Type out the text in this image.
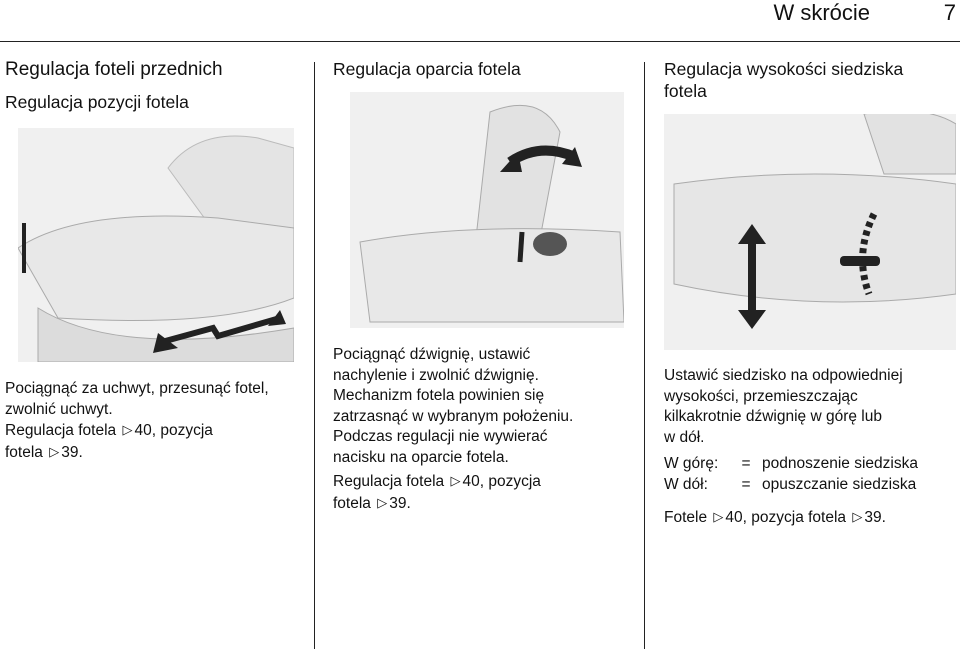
W skrócie	7

Regulacja foteli przednich

Regulacja pozycji fotela

Pociągnąć za uchwyt, przesunąć fotel, zwolnić uchwyt.

Regulacja fotela ▷ 40, pozycja
fotela ▷ 39.

Regulacja oparcia fotela

Pociągnąć dźwignię, ustawić

nachylenie i zwolnić dźwignię.

Mechanizm fotela powinien się

zatrzasnąć w wybranym położeniu.

Podczas regulacji nie wywierać

nacisku na oparcie fotela.

Regulacja fotela ▷ 40, pozycja
fotela ▷ 39.

Regulacja wysokości siedziska

fotela

Ustawić siedzisko na odpowiedniej

wysokości, przemieszczając

kilkakrotnie dźwignię w górę lub

w dół.

W górę:	=	podnoszenie siedziska
W dół:	=	opuszczanie siedziska

Fotele ▷ 40, pozycja fotela ▷ 39.
